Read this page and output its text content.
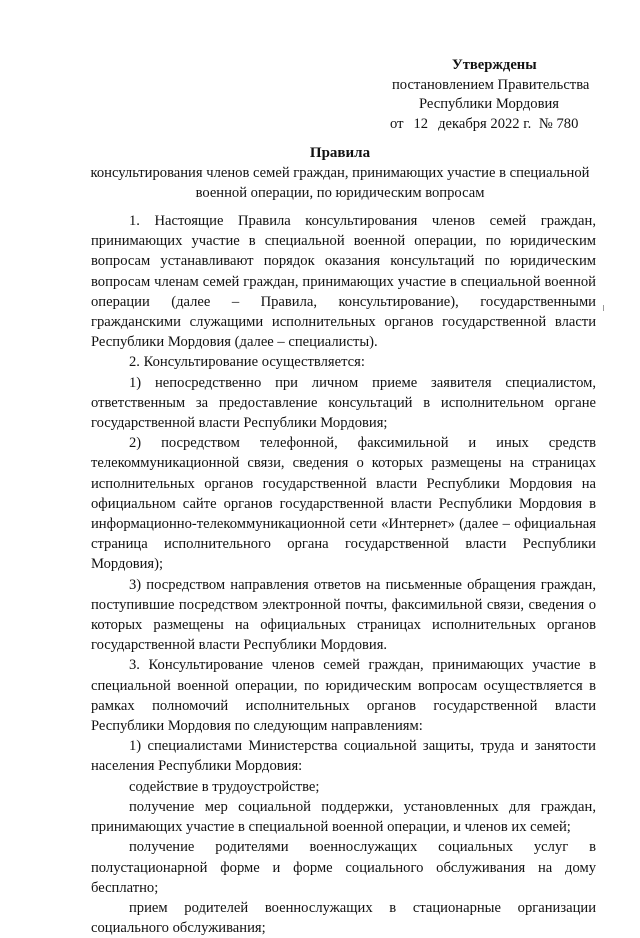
Утверждены
постановлением Правительства
Республики Мордовия
от 12 декабря 2022 г. № 780
Правила
консультирования членов семей граждан, принимающих участие в специальной
военной операции, по юридическим вопросам

1. Настоящие Правила консультирования членов семей граждан, принимающих участие в специальной военной операции, по юридическим вопросам устанавливают порядок оказания консультаций по юридическим вопросам членам семей граждан, принимающих участие в специальной военной операции (далее – Правила, консультирование), государственными гражданскими служащими исполнительных органов государственной власти Республики Мордовия (далее – специалисты).

2. Консультирование осуществляется:

1) непосредственно при личном приеме заявителя специалистом, ответственным за предоставление консультаций в исполнительном органе государственной власти Республики Мордовия;

2) посредством телефонной, факсимильной и иных средств телекоммуникационной связи, сведения о которых размещены на страницах исполнительных органов государственной власти Республики Мордовия на официальном сайте органов государственной власти Республики Мордовия в информационно-телекоммуникационной сети «Интернет» (далее – официальная страница исполнительного органа государственной власти Республики Мордовия);

3) посредством направления ответов на письменные обращения граждан, поступившие посредством электронной почты, факсимильной связи, сведения о которых размещены на официальных страницах исполнительных органов государственной власти Республики Мордовия.

3. Консультирование членов семей граждан, принимающих участие в специальной военной операции, по юридическим вопросам осуществляется в рамках полномочий исполнительных органов государственной власти Республики Мордовия по следующим направлениям:

1) специалистами Министерства социальной защиты, труда и занятости населения Республики Мордовия:

содействие в трудоустройстве;

получение мер социальной поддержки, установленных для граждан, принимающих участие в специальной военной операции, и членов их семей;

получение родителями военнослужащих социальных услуг в полустационарной форме и форме социального обслуживания на дому бесплатно;

прием родителей военнослужащих в стационарные организации социального обслуживания;
